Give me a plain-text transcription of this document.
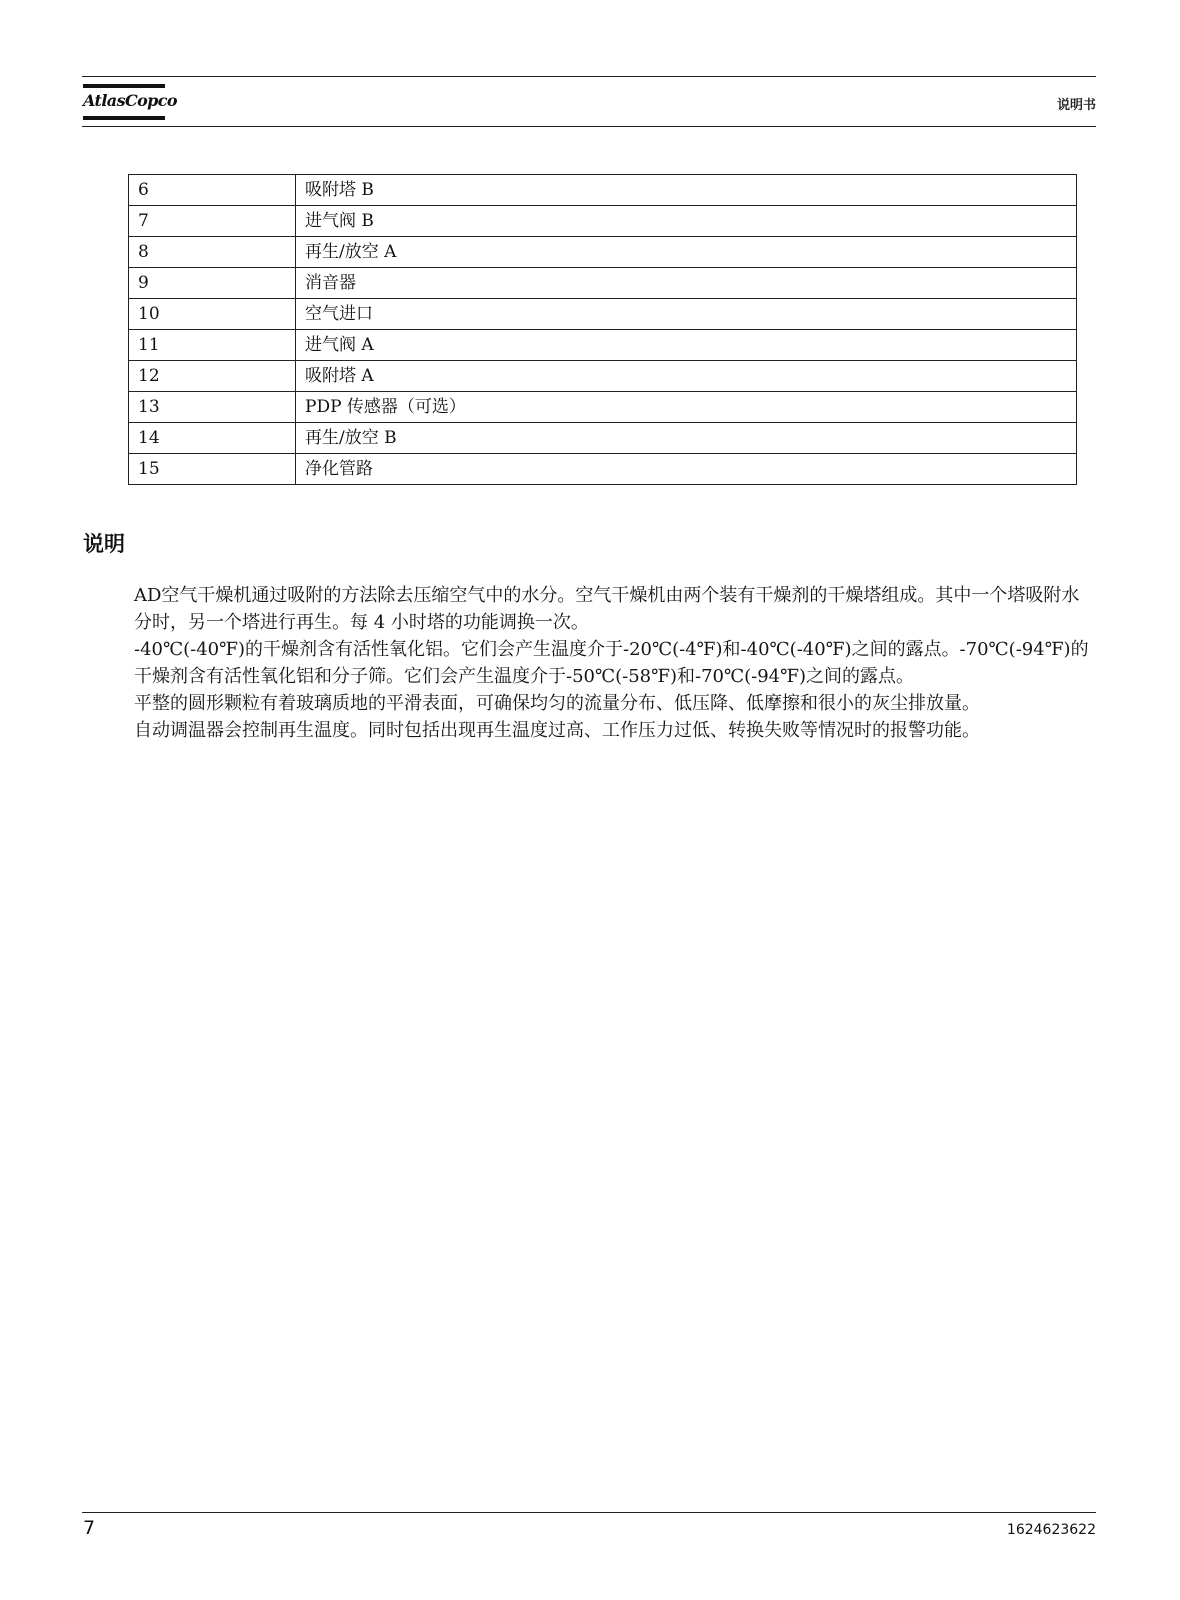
AtlasCopco	说明书
6	吸附塔 B
7	进气阀 B
8	再生/放空 A
9	消音器
10	空气进口
11	进气阀 A
12	吸附塔 A
13	PDP 传感器（可选）
14	再生/放空 B
15	净化管路
说明

AD空气干燥机通过吸附的方法除去压缩空气中的水分。空气干燥机由两个装有干燥剂的干燥塔组成。其中一个塔吸附水分时，另一个塔进行再生。每 4 小时塔的功能调换一次。

-40℃(-40℉)的干燥剂含有活性氧化铝。它们会产生温度介于-20℃(-4℉)和-40℃(-40℉)之间的露点。-70℃(-94℉)的干燥剂含有活性氧化铝和分子筛。它们会产生温度介于-50℃(-58℉)和-70℃(-94℉)之间的露点。

平整的圆形颗粒有着玻璃质地的平滑表面，可确保均匀的流量分布、低压降、低摩擦和很小的灰尘排放量。

自动调温器会控制再生温度。同时包括出现再生温度过高、工作压力过低、转换失败等情况时的报警功能。

7	1624623622
